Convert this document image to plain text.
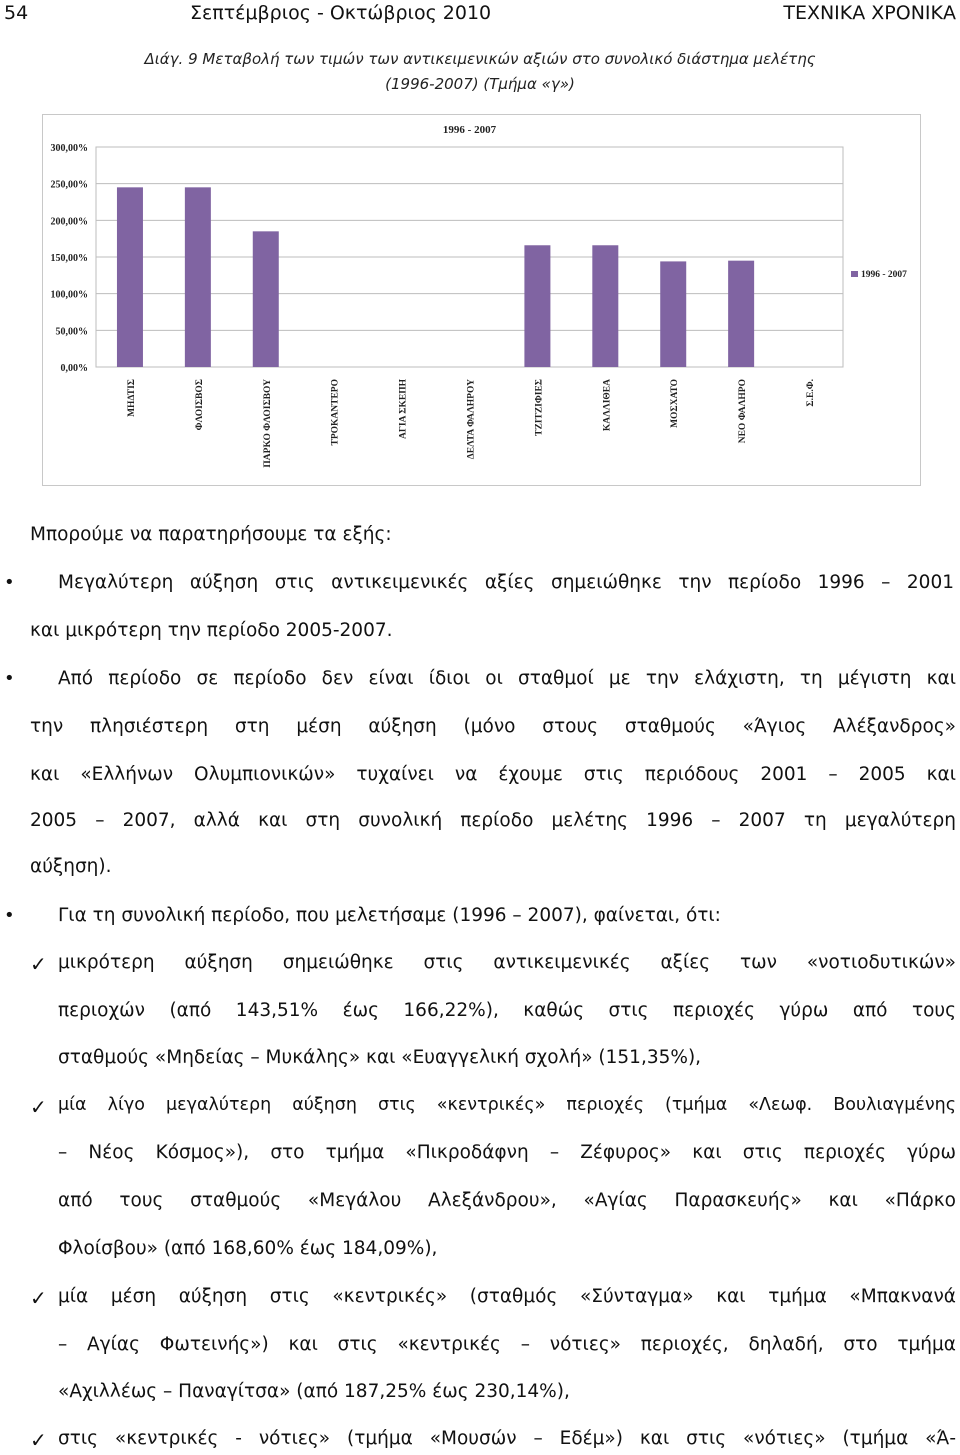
54	Σεπτέμβριος - Οκτώβριος 2010	ΤΕΧΝΙΚΑ ΧΡΟΝΙΚΑ
Διάγ. 9 Μεταβολή των τιμών των αντικειμενικών αξιών στο συνολικό διάστημα μελέτης
(1996-2007) (Τμήμα «γ»)
0,00%
50,00%
100,00%
150,00%
200,00%
250,00%
300,00%
1996 - 2007
ΜΗΔΤΙΣ	ΦΛΟΙΣΒΟΣ	ΠΑΡΚΟ ΦΛΟΙΣΒΟΥ	ΤΡΟΚΑΝΤΕΡΟ	ΑΓΙΑ ΣΚΕΠΗ	ΔΕΛΤΑ ΦΑΛΗΡΟΥ	ΤΖΙΤΖΙΦΙΕΣ	ΚΑΛΛΙΘΕΑ	ΜΟΣΧΑΤΟ	ΝΕΟ ΦΑΛΗΡΟ	Σ.Ε.Φ.
1996 - 2007
Μπορούμε να παρατηρήσουμε τα εξής:
• Μεγαλύτερη αύξηση στις αντικειμενικές αξίες σημειώθηκε την περίοδο 1996 – 2001
και μικρότερη την περίοδο 2005-2007.
• Από περίοδο σε περίοδο δεν είναι ίδιοι οι σταθμοί με την ελάχιστη, τη μέγιστη και
την πλησιέστερη στη μέση αύξηση (μόνο στους σταθμούς «Άγιος Αλέξανδρος»
και «Ελλήνων Ολυμπιονικών» τυχαίνει να έχουμε στις περιόδους 2001 – 2005 και
2005 – 2007, αλλά και στη συνολική περίοδο μελέτης 1996 – 2007 τη μεγαλύτερη
αύξηση).
• Για τη συνολική περίοδο, που μελετήσαμε (1996 – 2007), φαίνεται, ότι:
✓ μικρότερη αύξηση σημειώθηκε στις αντικειμενικές αξίες των «νοτιοδυτικών»
περιοχών (από 143,51% έως 166,22%), καθώς στις περιοχές γύρω από τους
σταθμούς «Μηδείας – Μυκάλης» και «Ευαγγελική σχολή» (151,35%),
✓ μία λίγο μεγαλύτερη αύξηση στις «κεντρικές» περιοχές (τμήμα «Λεωφ. Βουλιαγμένης
– Νέος Κόσμος»), στο τμήμα «Πικροδάφνη – Ζέφυρος» και στις περιοχές γύρω
από τους σταθμούς «Μεγάλου Αλεξάνδρου», «Αγίας Παρασκευής» και «Πάρκο
Φλοίσβου» (από 168,60% έως 184,09%),
✓ μία μέση αύξηση στις «κεντρικές» (σταθμός «Σύνταγμα» και τμήμα «Μπακνανά
– Αγίας Φωτεινής») και στις «κεντρικές – νότιες» περιοχές, δηλαδή, στο τμήμα
«Αχιλλέως – Παναγίτσα» (από 187,25% έως 230,14%),
✓ στις «κεντρικές - νότιες» (τμήμα «Μουσών – Εδέμ») και στις «νότιες» (τμήμα «Ά-
